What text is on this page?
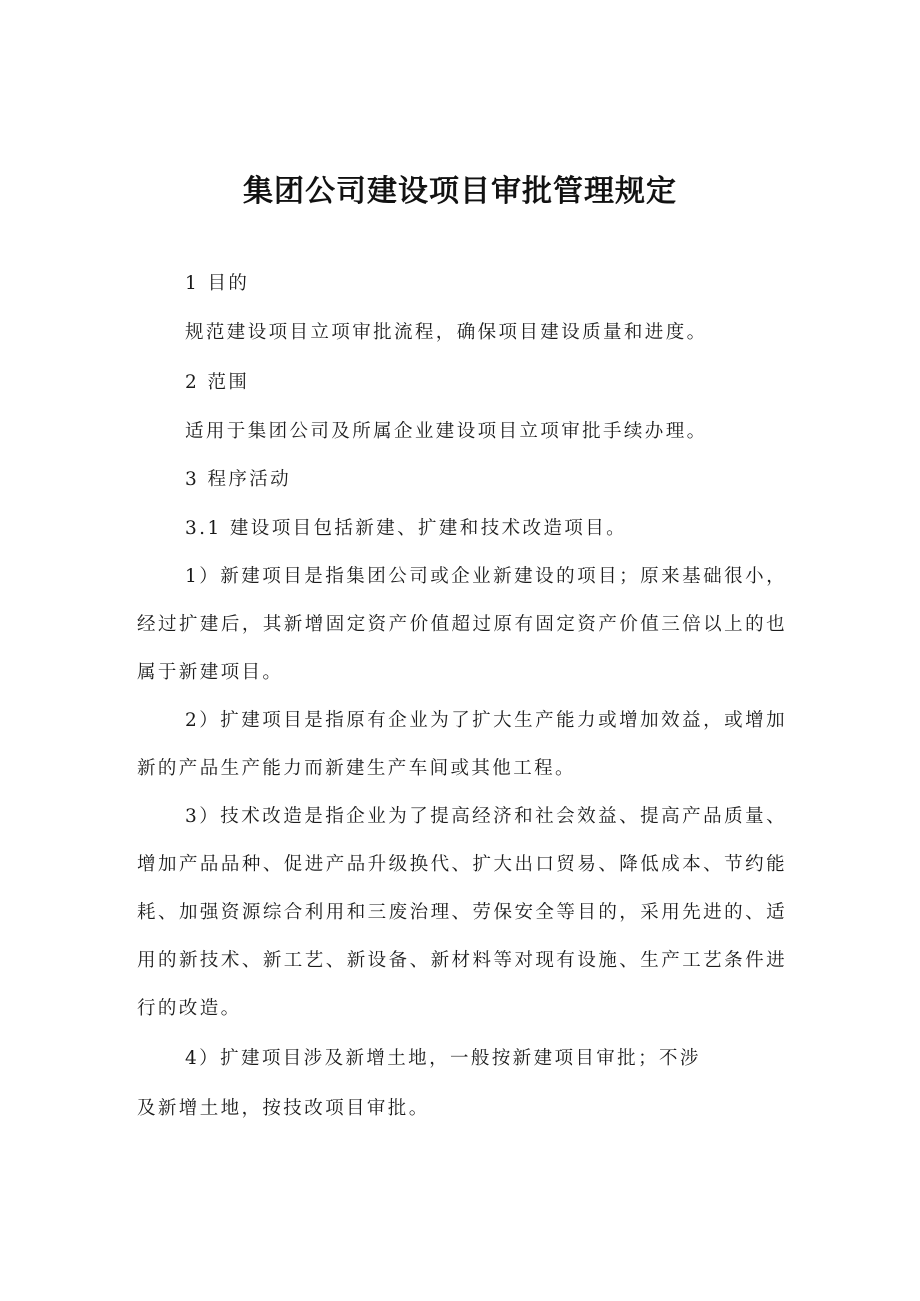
集团公司建设项目审批管理规定

1 目的

规范建设项目立项审批流程，确保项目建设质量和进度。

2 范围

适用于集团公司及所属企业建设项目立项审批手续办理。

3 程序活动

3.1 建设项目包括新建、扩建和技术改造项目。

1）新建项目是指集团公司或企业新建设的项目；原来基础很小，经过扩建后，其新增固定资产价值超过原有固定资产价值三倍以上的也属于新建项目。

2）扩建项目是指原有企业为了扩大生产能力或增加效益，或增加新的产品生产能力而新建生产车间或其他工程。

3）技术改造是指企业为了提高经济和社会效益、提高产品质量、增加产品品种、促进产品升级换代、扩大出口贸易、降低成本、节约能耗、加强资源综合利用和三废治理、劳保安全等目的，采用先进的、适用的新技术、新工艺、新设备、新材料等对现有设施、生产工艺条件进行的改造。

4）扩建项目涉及新增土地，一般按新建项目审批；不涉

及新增土地，按技改项目审批。
